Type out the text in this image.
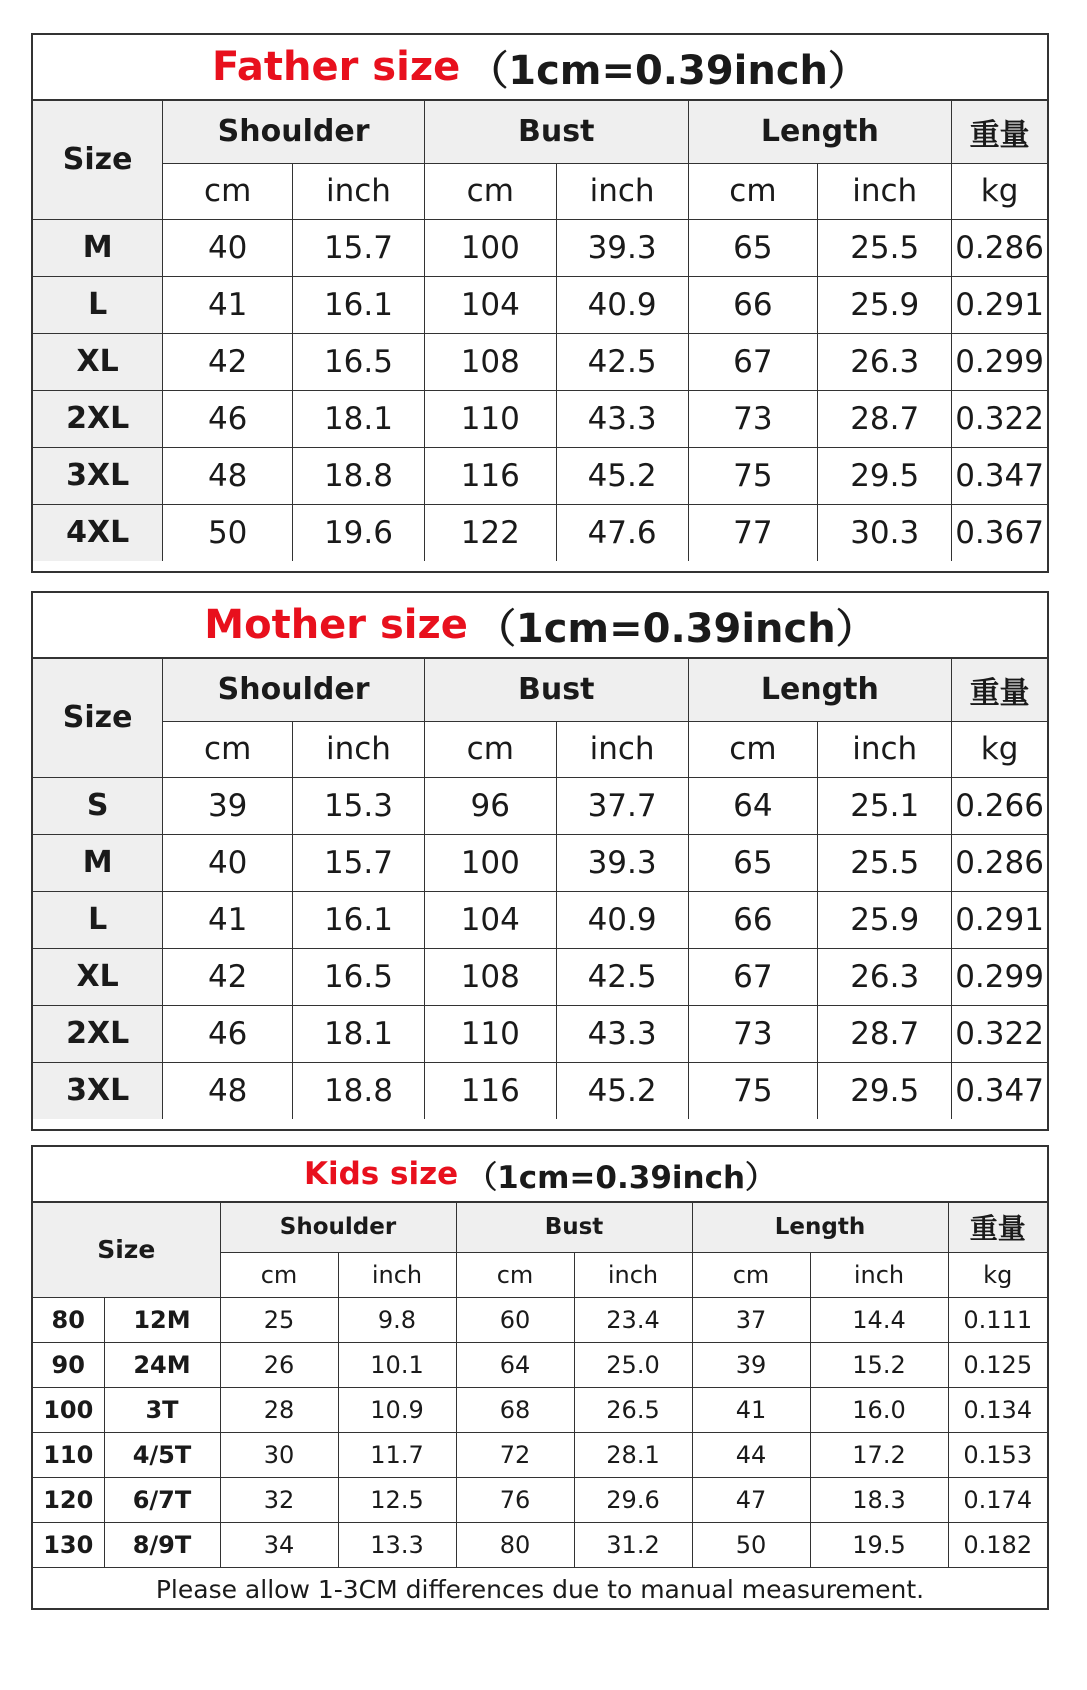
Father size （1cm=0.39inch）
Size	Shoulder		Bust		Length		重量
	cm	inch	cm	inch	cm	inch	kg
M	40	15.7	100	39.3	65	25.5	0.286
L	41	16.1	104	40.9	66	25.9	0.291
XL	42	16.5	108	42.5	67	26.3	0.299
2XL	46	18.1	110	43.3	73	28.7	0.322
3XL	48	18.8	116	45.2	75	29.5	0.347
4XL	50	19.6	122	47.6	77	30.3	0.367
Mother size （1cm=0.39inch）
Size	Shoulder		Bust		Length		重量
	cm	inch	cm	inch	cm	inch	kg
S	39	15.3	96	37.7	64	25.1	0.266
M	40	15.7	100	39.3	65	25.5	0.286
L	41	16.1	104	40.9	66	25.9	0.291
XL	42	16.5	108	42.5	67	26.3	0.299
2XL	46	18.1	110	43.3	73	28.7	0.322
3XL	48	18.8	116	45.2	75	29.5	0.347
Kids size （1cm=0.39inch）
Size		Shoulder		Bust		Length		重量
		cm	inch	cm	inch	cm	inch	kg
80	12M	25	9.8	60	23.4	37	14.4	0.111
90	24M	26	10.1	64	25.0	39	15.2	0.125
100	3T	28	10.9	68	26.5	41	16.0	0.134
110	4/5T	30	11.7	72	28.1	44	17.2	0.153
120	6/7T	32	12.5	76	29.6	47	18.3	0.174
130	8/9T	34	13.3	80	31.2	50	19.5	0.182
Please allow 1-3CM differences due to manual measurement.
